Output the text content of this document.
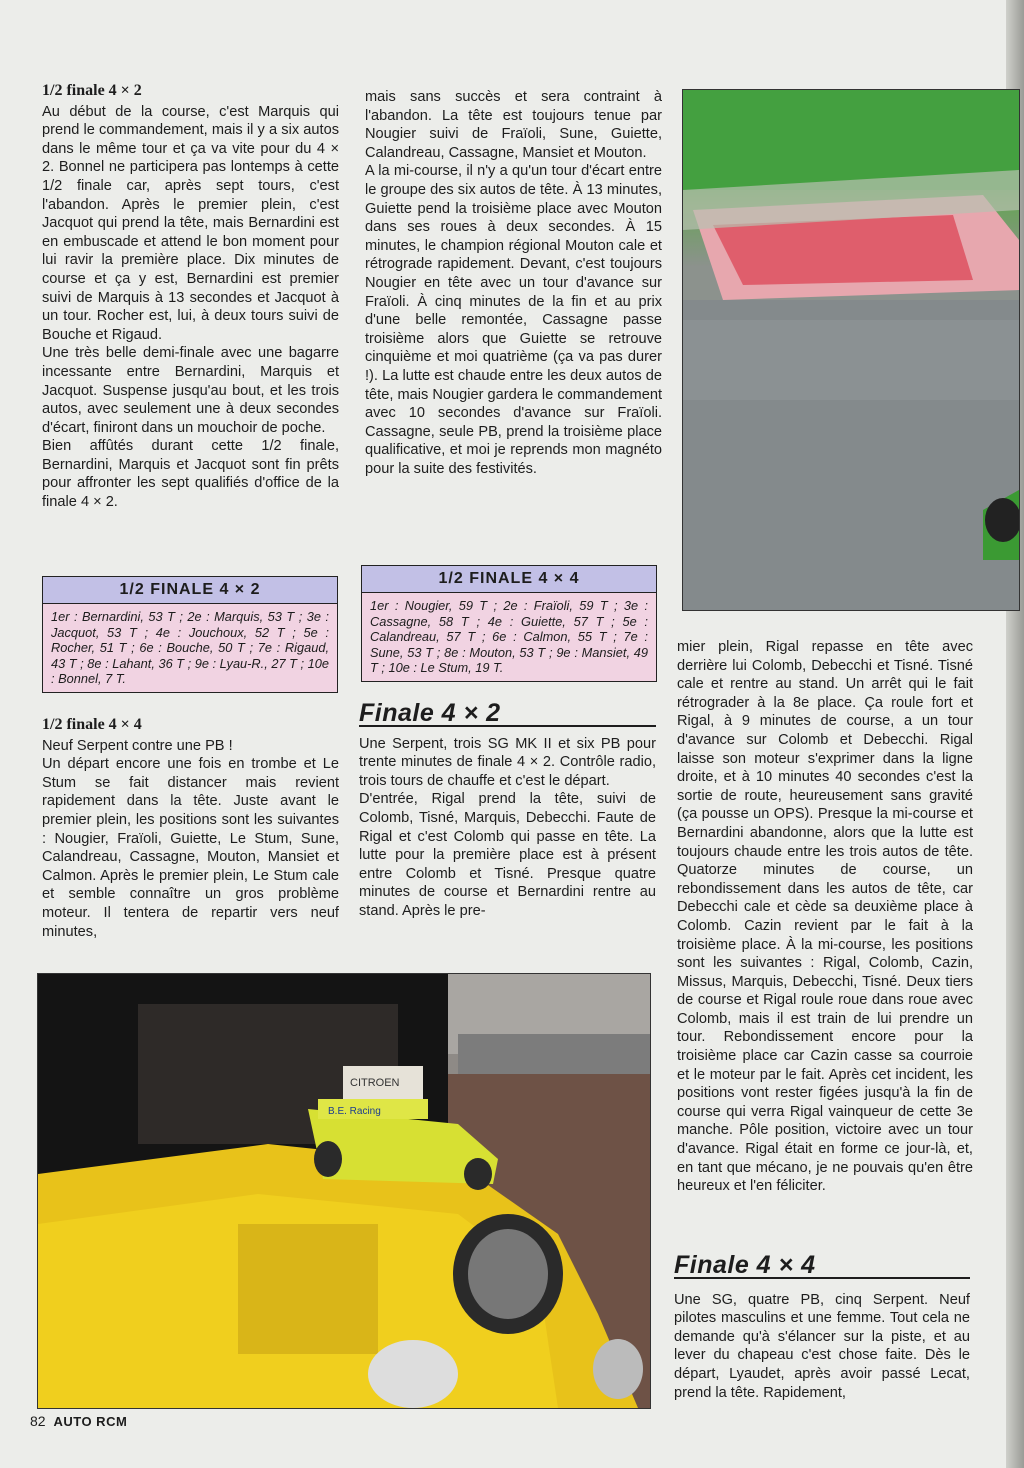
1/2 finale 4 × 2

Au début de la course, c'est Marquis qui prend le commandement, mais il y a six autos dans le même tour et ça va vite pour du 4 × 2. Bonnel ne participera pas lontemps à cette 1/2 finale car, après sept tours, c'est l'abandon. Après le premier plein, c'est Jacquot qui prend la tête, mais Bernardini est en embuscade et attend le bon moment pour lui ravir la première place. Dix minutes de course et ça y est, Bernardini est premier suivi de Marquis à 13 secondes et Jacquot à un tour. Rocher est, lui, à deux tours suivi de Bouche et Rigaud.

Une très belle demi-finale avec une bagarre incessante entre Bernardini, Marquis et Jacquot. Suspense jusqu'au bout, et les trois autos, avec seulement une à deux secondes d'écart, finiront dans un mouchoir de poche.

Bien affûtés durant cette 1/2 finale, Bernardini, Marquis et Jacquot sont fin prêts pour affronter les sept qualifiés d'office de la finale 4 × 2.

1/2 FINALE 4 × 2
1er : Bernardini, 53 T ; 2e : Marquis, 53 T ; 3e : Jacquot, 53 T ; 4e : Jouchoux, 52 T ; 5e : Rocher, 51 T ; 6e : Bouche, 50 T ; 7e : Rigaud, 43 T ; 8e : Lahant, 36 T ; 9e : Lyau-R., 27 T ; 10e : Bonnel, 7 T.
1/2 finale 4 × 4

Neuf Serpent contre une PB !

Un départ encore une fois en trombe et Le Stum se fait distancer mais revient rapidement dans la tête. Juste avant le premier plein, les positions sont les suivantes : Nougier, Fraïoli, Guiette, Le Stum, Sune, Calandreau, Cassagne, Mouton, Mansiet et Calmon. Après le premier plein, Le Stum cale et semble connaître un gros problème moteur. Il tentera de repartir vers neuf minutes,

mais sans succès et sera contraint à l'abandon. La tête est toujours tenue par Nougier suivi de Fraïoli, Sune, Guiette, Calandreau, Cassagne, Mansiet et Mouton.

A la mi-course, il n'y a qu'un tour d'écart entre le groupe des six autos de tête. À 13 minutes, Guiette pend la troisième place avec Mouton dans ses roues à deux secondes. À 15 minutes, le champion régional Mouton cale et rétrograde rapidement. Devant, c'est toujours Nougier en tête avec un tour d'avance sur Fraïoli. À cinq minutes de la fin et au prix d'une belle remontée, Cassagne passe troisième alors que Guiette se retrouve cinquième et moi quatrième (ça va pas durer !). La lutte est chaude entre les deux autos de tête, mais Nougier gardera le commandement avec 10 secondes d'avance sur Fraïoli. Cassagne, seule PB, prend la troisième place qualificative, et moi je reprends mon magnéto pour la suite des festivités.

1/2 FINALE 4 × 4
1er : Nougier, 59 T ; 2e : Fraïoli, 59 T ; 3e : Cassagne, 58 T ; 4e : Guiette, 57 T ; 5e : Calandreau, 57 T ; 6e : Calmon, 55 T ; 7e : Sune, 53 T ; 8e : Mouton, 53 T ; 9e : Mansiet, 49 T ; 10e : Le Stum, 19 T.
Finale 4 × 2

Une Serpent, trois SG MK II et six PB pour trente minutes de finale 4 × 2. Contrôle radio, trois tours de chauffe et c'est le départ.

D'entrée, Rigal prend la tête, suivi de Colomb, Tisné, Marquis, Debecchi. Faute de Rigal et c'est Colomb qui passe en tête. La lutte pour la première place est à présent entre Colomb et Tisné. Presque quatre minutes de course et Bernardini rentre au stand. Après le pre-

mier plein, Rigal repasse en tête avec derrière lui Colomb, Debecchi et Tisné. Tisné cale et rentre au stand. Un arrêt qui le fait rétrograder à la 8e place. Ça roule fort et Rigal, à 9 minutes de course, a un tour d'avance sur Colomb et Debecchi. Rigal laisse son moteur s'exprimer dans la ligne droite, et à 10 minutes 40 secondes c'est la sortie de route, heureusement sans gravité (ça pousse un OPS). Presque la mi-course et Bernardini abandonne, alors que la lutte est toujours chaude entre les trois autos de tête. Quatorze minutes de course, un rebondissement dans les autos de tête, car Debecchi cale et cède sa deuxième place à Colomb. Cazin revient par le fait à la troisième place. À la mi-course, les positions sont les suivantes : Rigal, Colomb, Cazin, Missus, Marquis, Debecchi, Tisné. Deux tiers de course et Rigal roule roue dans roue avec Colomb, mais il est train de lui prendre un tour. Rebondissement encore pour la troisième place car Cazin casse sa courroie et le moteur par le fait. Après cet incident, les positions vont rester figées jusqu'à la fin de course qui verra Rigal vainqueur de cette 3e manche. Pôle position, victoire avec un tour d'avance. Rigal était en forme ce jour-là, et, en tant que mécano, je ne pouvais qu'en être heureux et l'en féliciter.

Finale 4 × 4

Une SG, quatre PB, cinq Serpent. Neuf pilotes masculins et une femme. Tout cela ne demande qu'à s'élancer sur la piste, et au lever du chapeau c'est chose faite. Dès le départ, Lyaudet, après avoir passé Lecat, prend la tête. Rapidement,

CITROEN
B.E. Racing
82 AUTO RCM
